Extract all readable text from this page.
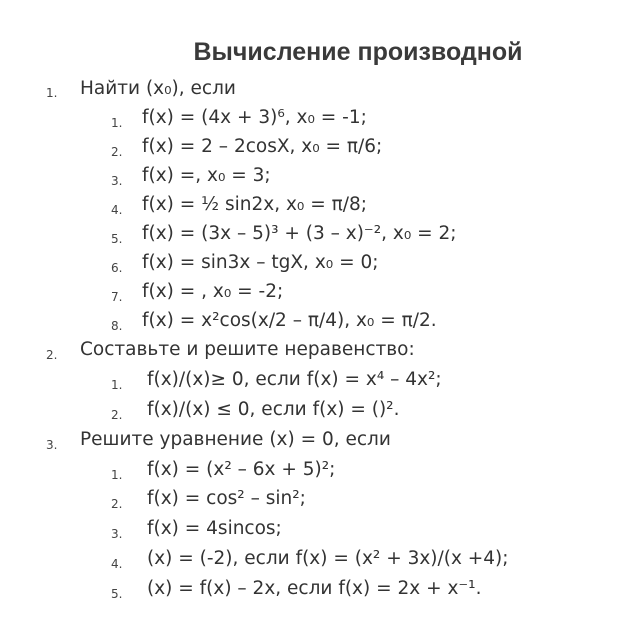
Вычисление производной
1. Найти (x₀), если
1. f(x) = (4x + 3)⁶, x₀ = -1;
2. f(x) = 2 – 2cosX, x₀ = π/6;
3. f(x) =, x₀ = 3;
4. f(x) = ½ sin2x, x₀ = π/8;
5. f(x) = (3x – 5)³ + (3 – x)⁻², x₀ = 2;
6. f(x) = sin3x – tgX, x₀ = 0;
7. f(x) = , x₀ = -2;
8. f(x) = x²cos(x/2 – π/4), x₀ = π/2.
2. Составьте и решите неравенство:
1. f(x)/(x)≥ 0, если f(x) = x⁴ – 4x²;
2. f(x)/(x) ≤ 0, если f(x) = ()².
3. Решите уравнение (x) = 0, если
1. f(x) = (x² – 6x + 5)²;
2. f(x) = cos² – sin²;
3. f(x) = 4sincos;
4. (x) = (-2), если f(x) = (x² + 3x)/(x +4);
5. (x) = f(x) – 2x, если f(x) = 2x + x⁻¹.
